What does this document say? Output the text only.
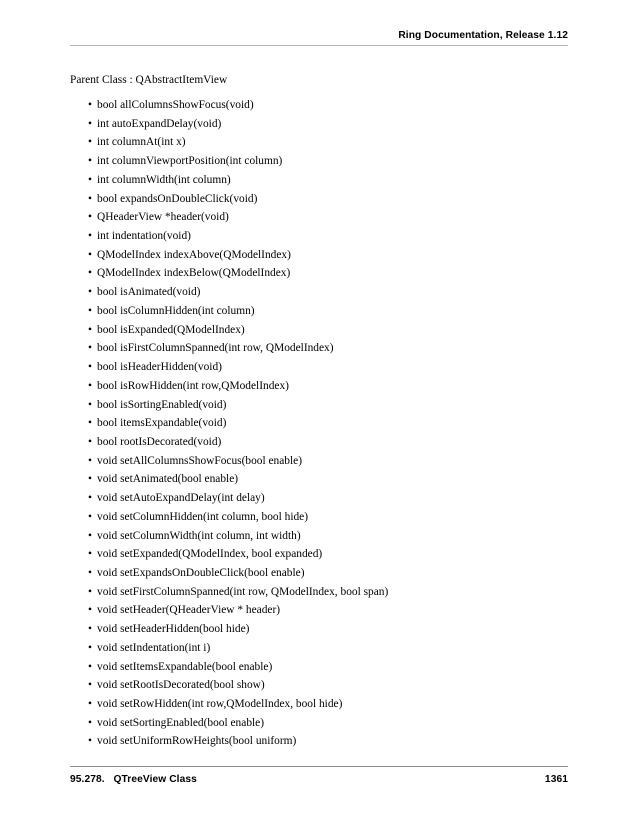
Ring Documentation, Release 1.12

Parent Class : QAbstractItemView

• bool allColumnsShowFocus(void)
• int autoExpandDelay(void)
• int columnAt(int x)
• int columnViewportPosition(int column)
• int columnWidth(int column)
• bool expandsOnDoubleClick(void)
• QHeaderView *header(void)
• int indentation(void)
• QModelIndex indexAbove(QModelIndex)
• QModelIndex indexBelow(QModelIndex)
• bool isAnimated(void)
• bool isColumnHidden(int column)
• bool isExpanded(QModelIndex)
• bool isFirstColumnSpanned(int row, QModelIndex)
• bool isHeaderHidden(void)
• bool isRowHidden(int row,QModelIndex)
• bool isSortingEnabled(void)
• bool itemsExpandable(void)
• bool rootIsDecorated(void)
• void setAllColumnsShowFocus(bool enable)
• void setAnimated(bool enable)
• void setAutoExpandDelay(int delay)
• void setColumnHidden(int column, bool hide)
• void setColumnWidth(int column, int width)
• void setExpanded(QModelIndex, bool expanded)
• void setExpandsOnDoubleClick(bool enable)
• void setFirstColumnSpanned(int row, QModelIndex, bool span)
• void setHeader(QHeaderView * header)
• void setHeaderHidden(bool hide)
• void setIndentation(int i)
• void setItemsExpandable(bool enable)
• void setRootIsDecorated(bool show)
• void setRowHidden(int row,QModelIndex, bool hide)
• void setSortingEnabled(bool enable)
• void setUniformRowHeights(bool uniform)
95.278.   QTreeView Class	1361
